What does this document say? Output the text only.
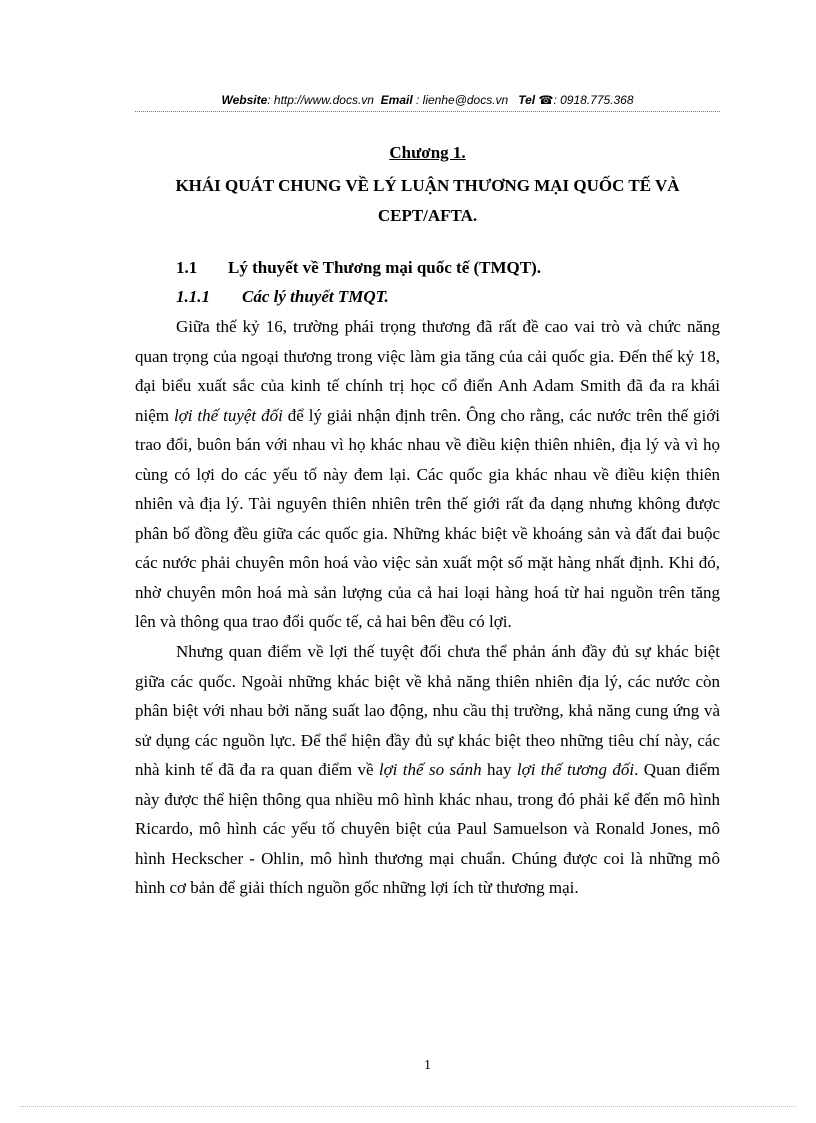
Website: http://www.docs.vn Email : lienhe@docs.vn Tel ☎: 0918.775.368
Chương 1.
KHÁI QUÁT CHUNG VỀ LÝ LUẬN THƯƠNG MẠI QUỐC TẾ VÀ CEPT/AFTA.
1.1 Lý thuyết về Thương mại quốc tế (TMQT).
1.1.1 Các lý thuyết TMQT.

Giữa thế kỷ 16, trường phái trọng thương đã rất đề cao vai trò và chức năng quan trọng của ngoại thương trong việc làm gia tăng của cải quốc gia. Đến thế kỷ 18, đại biểu xuất sắc của kinh tế chính trị học cổ điển Anh Adam Smith đã đa ra khái niệm lợi thế tuyệt đối để lý giải nhận định trên. Ông cho rằng, các nước trên thế giới trao đổi, buôn bán với nhau vì họ khác nhau về điều kiện thiên nhiên, địa lý và vì họ cùng có lợi do các yếu tố này đem lại. Các quốc gia khác nhau về điều kiện thiên nhiên và địa lý. Tài nguyên thiên nhiên trên thế giới rất đa dạng nhưng không được phân bố đồng đều giữa các quốc gia. Những khác biệt về khoáng sản và đất đai buộc các nước phải chuyên môn hoá vào việc sản xuất một số mặt hàng nhất định. Khi đó, nhờ chuyên môn hoá mà sản lượng của cả hai loại hàng hoá từ hai nguồn trên tăng lên và thông qua trao đổi quốc tế, cả hai bên đều có lợi.

Nhưng quan điểm về lợi thế tuyệt đối chưa thể phản ánh đầy đủ sự khác biệt giữa các quốc. Ngoài những khác biệt về khả năng thiên nhiên địa lý, các nước còn phân biệt với nhau bởi năng suất lao động, nhu cầu thị trường, khả năng cung ứng và sử dụng các nguồn lực. Để thể hiện đầy đủ sự khác biệt theo những tiêu chí này, các nhà kinh tế đã đa ra quan điểm về lợi thế so sánh hay lợi thế tương đối. Quan điểm này được thể hiện thông qua nhiều mô hình khác nhau, trong đó phải kể đến mô hình Ricardo, mô hình các yếu tố chuyên biệt của Paul Samuelson và Ronald Jones, mô hình Heckscher - Ohlin, mô hình thương mại chuẩn. Chúng được coi là những mô hình cơ bản để giải thích nguồn gốc những lợi ích từ thương mại.

1
